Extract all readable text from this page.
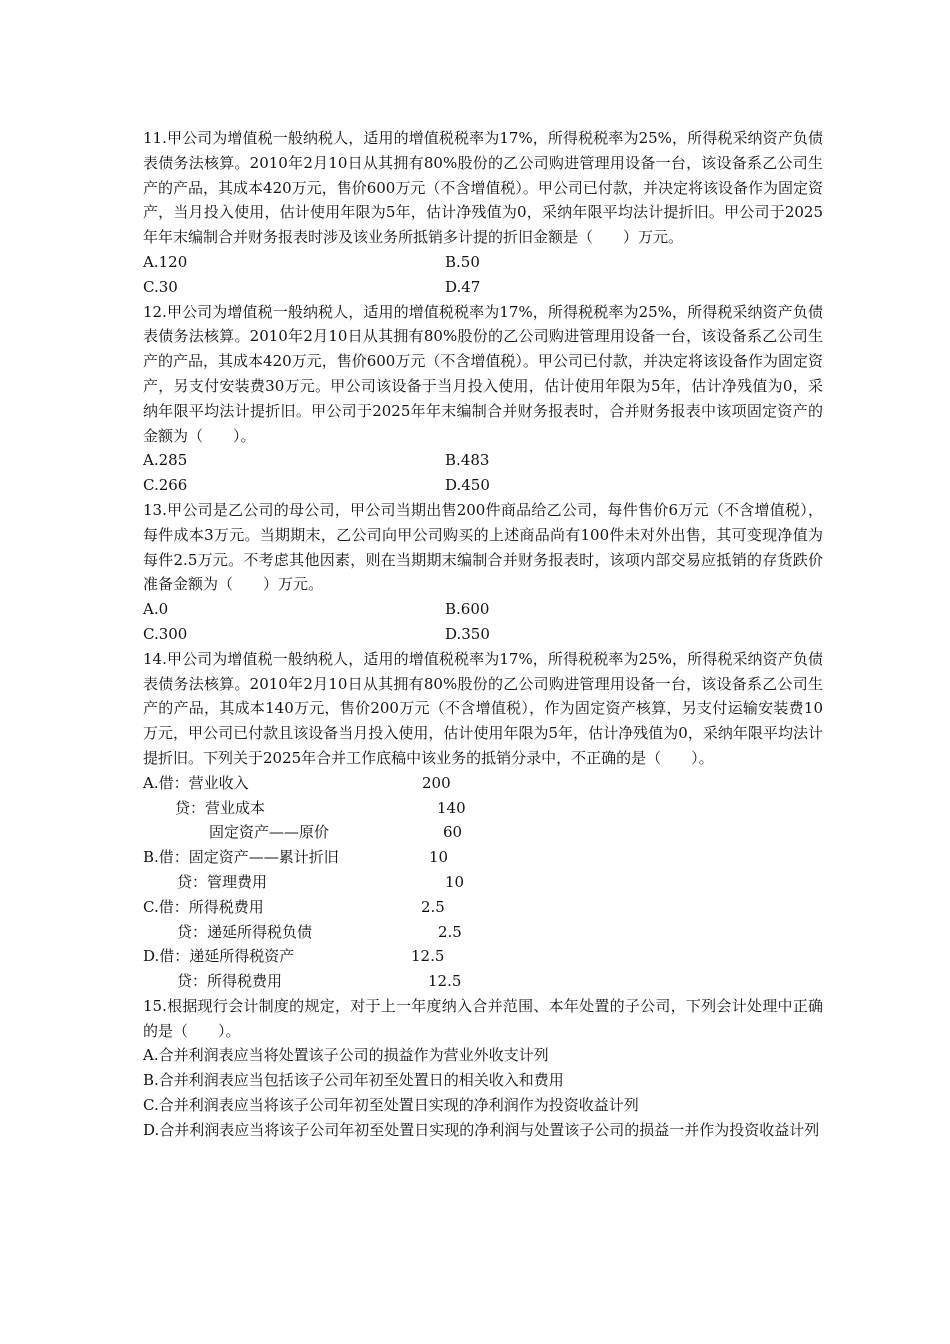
11.甲公司为增值税一般纳税人，适用的增值税税率为17%，所得税税率为25%，所得税采纳资产负债表债务法核算。2010年2月10日从其拥有80%股份的乙公司购进管理用设备一台，该设备系乙公司生产的产品，其成本420万元，售价600万元（不含增值税）。甲公司已付款，并决定将该设备作为固定资产，当月投入使用，估计使用年限为5年，估计净残值为0，采纳年限平均法计提折旧。甲公司于2025年年末编制合并财务报表时涉及该业务所抵销多计提的折旧金额是（　　）万元。

A.120	B.50
C.30	D.47

12.甲公司为增值税一般纳税人，适用的增值税税率为17%，所得税税率为25%，所得税采纳资产负债表债务法核算。2010年2月10日从其拥有80%股份的乙公司购进管理用设备一台，该设备系乙公司生产的产品，其成本420万元，售价600万元（不含增值税）。甲公司已付款，并决定将该设备作为固定资产，另支付安装费30万元。甲公司该设备于当月投入使用，估计使用年限为5年，估计净残值为0，采纳年限平均法计提折旧。甲公司于2025年年末编制合并财务报表时，合并财务报表中该项固定资产的金额为（　　）。

A.285	B.483
C.266	D.450

13.甲公司是乙公司的母公司，甲公司当期出售200件商品给乙公司，每件售价6万元（不含增值税），每件成本3万元。当期期末，乙公司向甲公司购买的上述商品尚有100件未对外出售，其可变现净值为每件2.5万元。不考虑其他因素，则在当期期末编制合并财务报表时，该项内部交易应抵销的存货跌价准备金额为（　　）万元。

A.0	B.600
C.300	D.350

14.甲公司为增值税一般纳税人，适用的增值税税率为17%，所得税税率为25%，所得税采纳资产负债表债务法核算。2010年2月10日从其拥有80%股份的乙公司购进管理用设备一台，该设备系乙公司生产的产品，其成本140万元，售价200万元（不含增值税），作为固定资产核算，另支付运输安装费10万元，甲公司已付款且该设备当月投入使用，估计使用年限为5年，估计净残值为0，采纳年限平均法计提折旧。下列关于2025年合并工作底稿中该业务的抵销分录中，不正确的是（　　）。

A.借：营业收入	200
贷：营业成本	140
固定资产——原价	60
B.借：固定资产——累计折旧	10
贷：管理费用	10
C.借：所得税费用	2.5
贷：递延所得税负债	2.5
D.借：递延所得税资产	12.5
贷：所得税费用	12.5

15.根据现行会计制度的规定，对于上一年度纳入合并范围、本年处置的子公司，下列会计处理中正确的是（　　）。

A.合并利润表应当将处置该子公司的损益作为营业外收支计列

B.合并利润表应当包括该子公司年初至处置日的相关收入和费用

C.合并利润表应当将该子公司年初至处置日实现的净利润作为投资收益计列

D.合并利润表应当将该子公司年初至处置日实现的净利润与处置该子公司的损益一并作为投资收益计列
